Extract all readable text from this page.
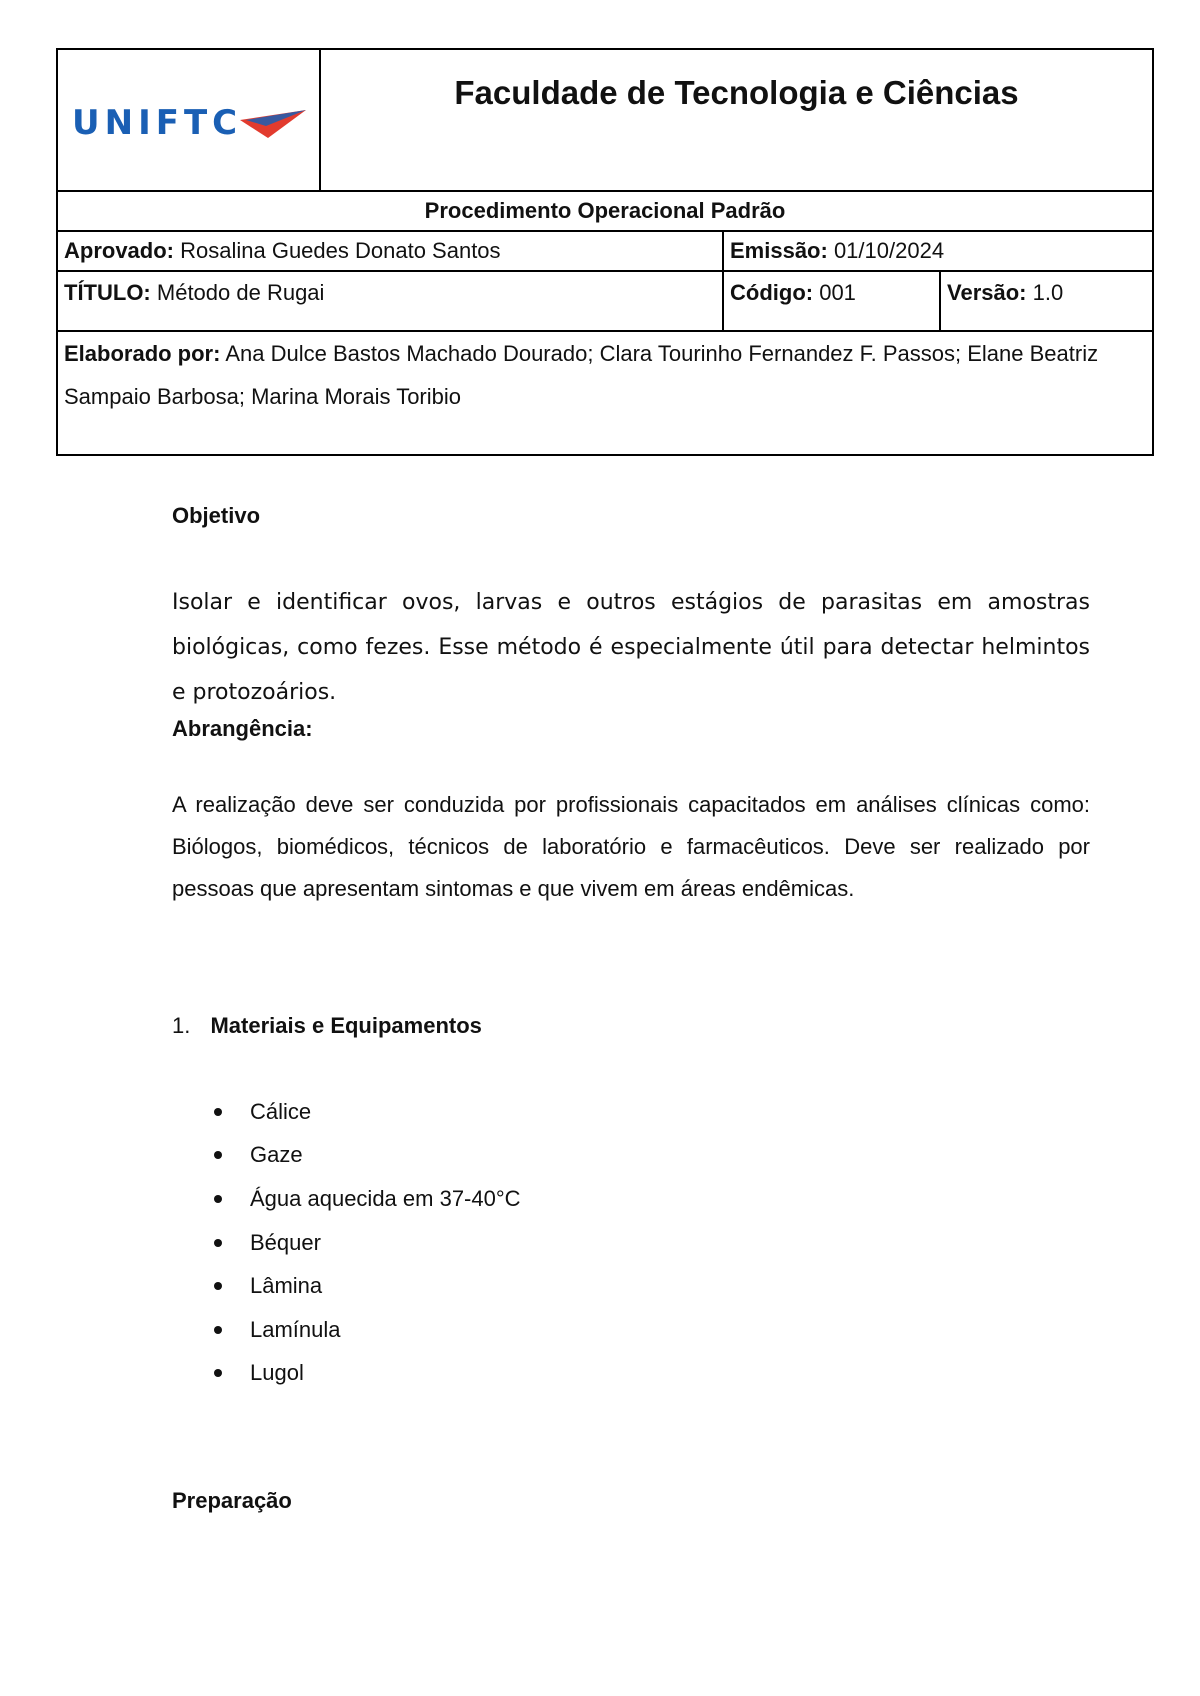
UNIFTC	Faculdade de Tecnologia e Ciências		

Procedimento Operacional Padrão			
Aprovado: Rosalina Guedes Donato Santos		Emissão: 01/10/2024	
TÍTULO: Método de Rugai		Código: 001	Versão: 1.0
Elaborado por: Ana Dulce Bastos Machado Dourado; Clara Tourinho Fernandez F. Passos; Elane Beatriz Sampaio Barbosa; Marina Morais Toribio			
Objetivo
Isolar e identificar ovos, larvas e outros estágios de parasitas em amostras biológicas, como fezes. Esse método é especialmente útil para detectar helmintos e protozoários.
Abrangência:
A realização deve ser conduzida por profissionais capacitados em análises clínicas como: Biólogos, biomédicos, técnicos de laboratório e farmacêuticos. Deve ser realizado por pessoas que apresentam sintomas e que vivem em áreas endêmicas.
1. Materiais e Equipamentos
Cálice
Gaze
Água aquecida em 37-40°C
Béquer
Lâmina
Lamínula
Lugol
Preparação
